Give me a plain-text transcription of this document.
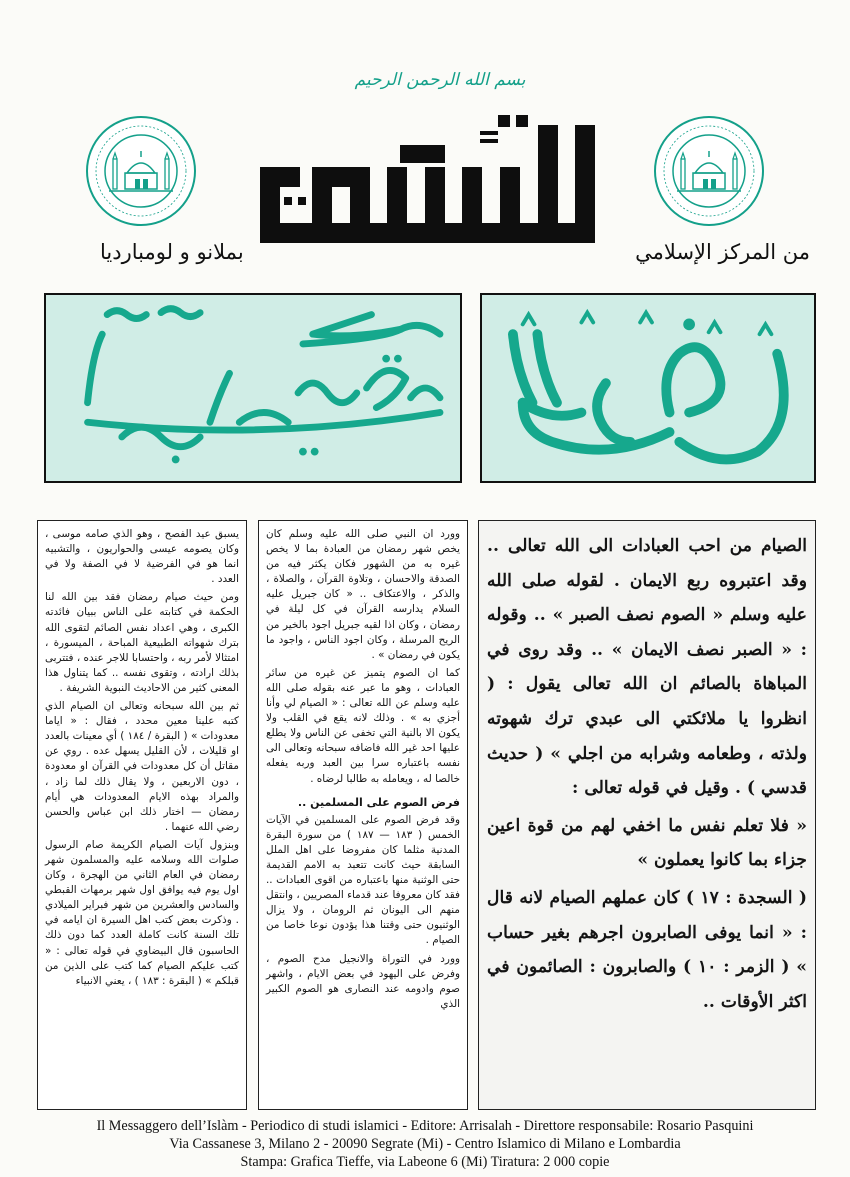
بسم الله الرحمن الرحيم
من المركز الإسلامي
بملانو و لومبارديا

يسبق عيد الفصح ، وهو الذي صامه موسى ، وكان يصومه عيسى والحواريون ، والتشبيه انما هو في الفرضية لا في الصفة ولا في العدد .

ومن حيث صيام رمضان فقد بين الله لنا الحكمة في كتابته على الناس ببيان فائدته الكبرى ، وهي اعداد نفس الصائم لتقوى الله بترك شهواته الطبيعية المباحة ، الميسورة ، امتثالا لأمر ربه ، واحتسابا للاجر عنده ، فتتربى بذلك ارادته ، وتقوى نفسه .. كما يتناول هذا المعنى كثير من الاحاديث النبوية الشريفة .

ثم بين الله سبحانه وتعالى ان الصيام الذي كتبه علينا معين محدد ، فقال : « اياما معدودات » ( البقرة / ١٨٤ ) أي معينات بالعدد او قليلات ، لأن القليل يسهل عده . روي عن مقاتل أن كل معدودات في القرآن او معدودة ، دون الاربعين ، ولا يقال ذلك لما زاد ، والمراد بهذه الايام المعدودات هي أيام رمضان — اختار ذلك ابن عباس والحسن رضي الله عنهما .

وبنزول آيات الصيام الكريمة صام الرسول صلوات الله وسلامه عليه والمسلمون شهر رمضان في العام الثاني من الهجرة ، وكان اول يوم فيه يوافق اول شهر برمهات القبطي والسادس والعشرين من شهر فبراير الميلادي . وذكرت بعض كتب اهل السيرة ان ايامه في تلك السنة كانت كاملة العدد كما دون ذلك الحاسبون قال البيضاوي في قوله تعالى : « كتب عليكم الصيام كما كتب على الذين من قبلكم » ( البقرة : ١٨٣ ) ، يعني الانبياء

وورد ان النبي صلى الله عليه وسلم كان يخص شهر رمضان من العبادة بما لا يخص غيره به من الشهور فكان يكثر فيه من الصدقة والاحسان ، وتلاوة القرآن ، والصلاة ، والذكر ، والاعتكاف .. « كان جبريل عليه السلام يدارسه القرآن في كل ليلة في رمضان ، وكان اذا لقيه جبريل اجود بالخير من الريح المرسلة ، وكان اجود الناس ، واجود ما يكون في رمضان » .

كما ان الصوم يتميز عن غيره من سائر العبادات ، وهو ما عبر عنه بقوله صلى الله عليه وسلم عن الله تعالى : « الصيام لي وأنا أجزي به » . وذلك لانه يقع في القلب ولا يكون الا بالنية التي تخفى عن الناس ولا يطلع عليها احد غير الله فاضافه سبحانه وتعالى الى نفسه باعتباره سرا بين العبد وربه يفعله خالصا له ، ويعامله به طالبا لرضاه .

فرض الصوم على المسلمين ..

وقد فرض الصوم على المسلمين في الآيات الخمس ( ١٨٣ — ١٨٧ ) من سورة البقرة المدنية مثلما كان مفروضا على اهل الملل السابقة حيث كانت تتعبد به الامم القديمة حتى الوثنية منها باعتباره من اقوى العبادات .. فقد كان معروفا عند قدماء المصريين ، وانتقل منهم الى اليونان ثم الرومان ، ولا يزال الوثنيون حتى وقتنا هذا يؤدون نوعا خاصا من الصيام .

وورد في التوراة والانجيل مدح الصوم ، وفرض على اليهود في بعض الايام ، واشهر صوم وادومه عند النصارى هو الصوم الكبير الذي

الصيام من احب العبادات الى الله تعالى .. وقد اعتبروه ربع الايمان . لقوله صلى الله عليه وسلم « الصوم نصف الصبر » .. وقوله : « الصبر نصف الايمان » .. وقد روى في المباهاة بالصائم ان الله تعالى يقول : ( انظروا يا ملائكتي الى عبدي ترك شهوته ولذته ، وطعامه وشرابه من اجلي » ( حديث قدسي ) . وقيل في قوله تعالى :

« فلا تعلم نفس ما اخفي لهم من قوة اعين جزاء بما كانوا يعملون »

( السجدة : ١٧ ) كان عملهم الصيام لانه قال : « انما يوفى الصابرون اجرهم بغير حساب » ( الزمر : ١٠ ) والصابرون : الصائمون في اكثر الأوقات ..

Il Messaggero dell’Islàm - Periodico di studi islamici - Editore: Arrisalah - Direttore responsabile: Rosario Pasquini
Via Cassanese 3, Milano 2 - 20090 Segrate (Mi) - Centro Islamico di Milano e Lombardia
Stampa: Grafica Tieffe, via Labeone 6 (Mi) Tiratura: 2 000 copie
